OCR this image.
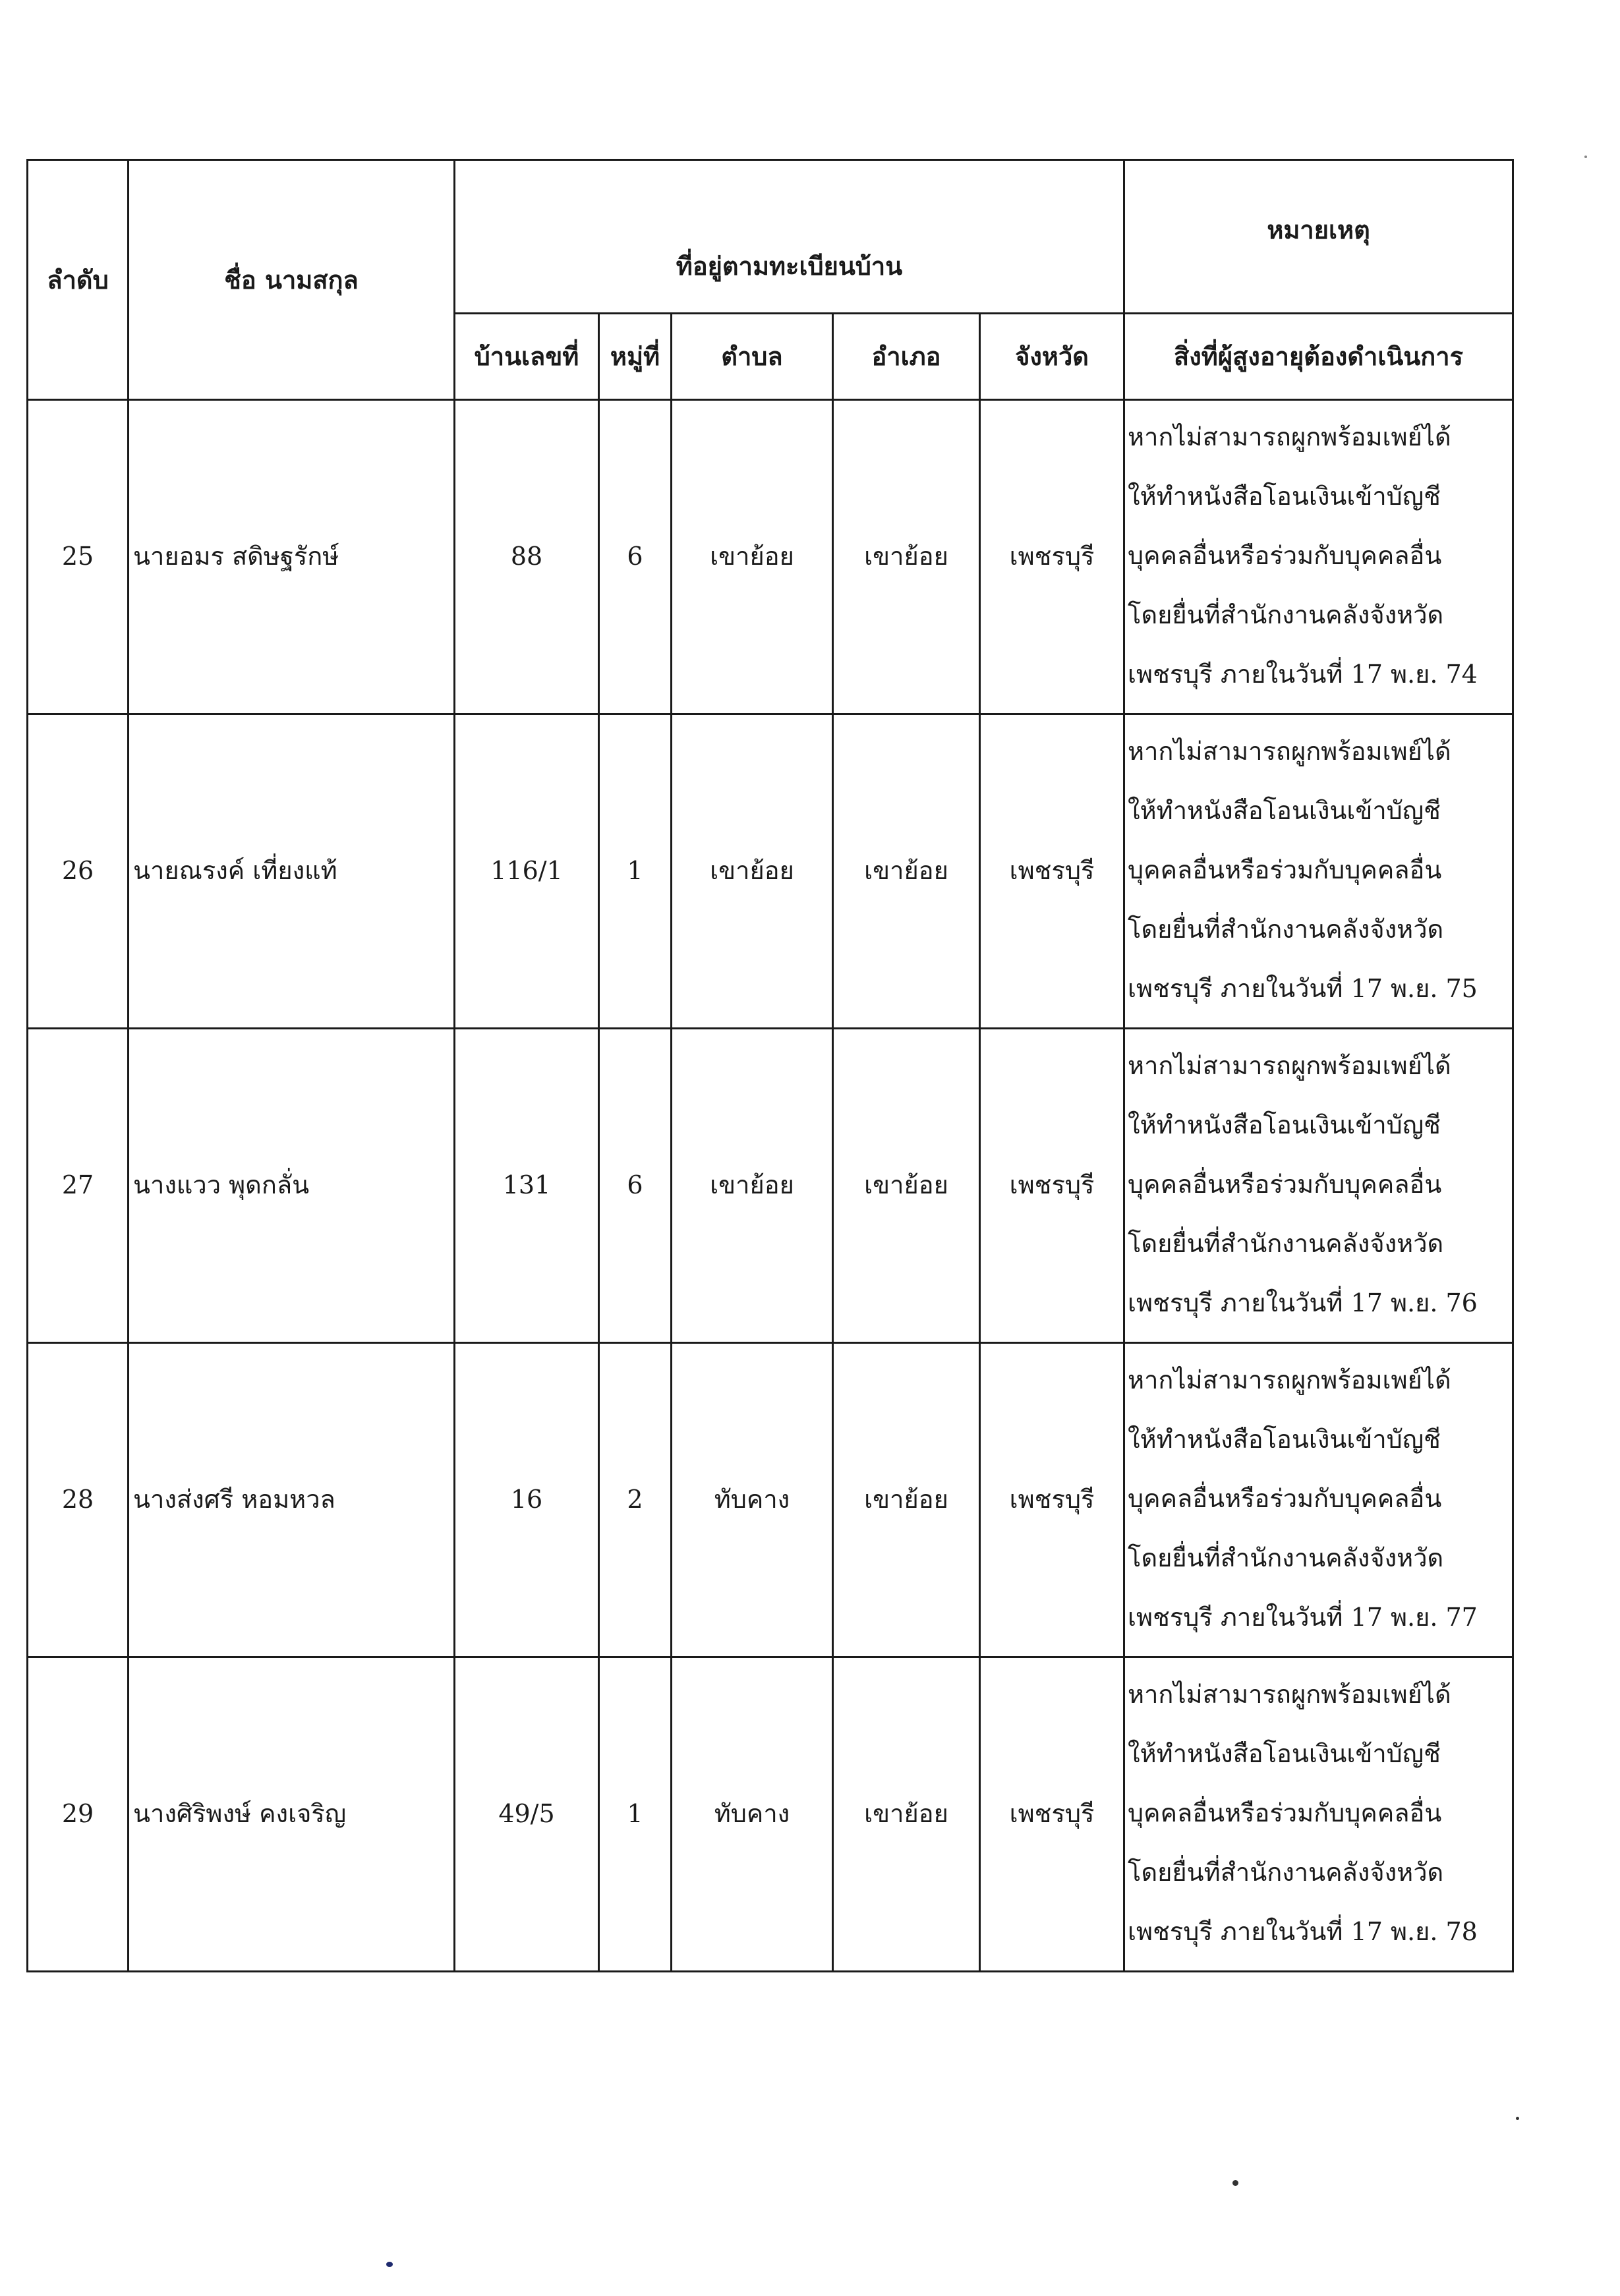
ลำดับ	ชื่อ นามสกุล	ที่อยู่ตามทะเบียนบ้าน					หมายเหตุ
		บ้านเลขที่	หมู่ที่	ตำบล	อำเภอ	จังหวัด	สิ่งที่ผู้สูงอายุต้องดำเนินการ
25	นายอมร สดิษฐรักษ์	88	6	เขาย้อย	เขาย้อย	เพชรบุรี	หากไม่สามารถผูกพร้อมเพย์ได้
ให้ทำหนังสือโอนเงินเข้าบัญชี
บุคคลอื่นหรือร่วมกับบุคคลอื่น
โดยยื่นที่สำนักงานคลังจังหวัด
เพชรบุรี ภายในวันที่ 17 พ.ย. 74

26	นายณรงค์ เที่ยงแท้	116/1	1	เขาย้อย	เขาย้อย	เพชรบุรี	หากไม่สามารถผูกพร้อมเพย์ได้
ให้ทำหนังสือโอนเงินเข้าบัญชี
บุคคลอื่นหรือร่วมกับบุคคลอื่น
โดยยื่นที่สำนักงานคลังจังหวัด
เพชรบุรี ภายในวันที่ 17 พ.ย. 75

27	นางแวว พุดกลั่น	131	6	เขาย้อย	เขาย้อย	เพชรบุรี	หากไม่สามารถผูกพร้อมเพย์ได้
ให้ทำหนังสือโอนเงินเข้าบัญชี
บุคคลอื่นหรือร่วมกับบุคคลอื่น
โดยยื่นที่สำนักงานคลังจังหวัด
เพชรบุรี ภายในวันที่ 17 พ.ย. 76

28	นางส่งศรี หอมหวล	16	2	ทับคาง	เขาย้อย	เพชรบุรี	หากไม่สามารถผูกพร้อมเพย์ได้
ให้ทำหนังสือโอนเงินเข้าบัญชี
บุคคลอื่นหรือร่วมกับบุคคลอื่น
โดยยื่นที่สำนักงานคลังจังหวัด
เพชรบุรี ภายในวันที่ 17 พ.ย. 77

29	นางศิริพงษ์ คงเจริญ	49/5	1	ทับคาง	เขาย้อย	เพชรบุรี	หากไม่สามารถผูกพร้อมเพย์ได้
ให้ทำหนังสือโอนเงินเข้าบัญชี
บุคคลอื่นหรือร่วมกับบุคคลอื่น
โดยยื่นที่สำนักงานคลังจังหวัด
เพชรบุรี ภายในวันที่ 17 พ.ย. 78
